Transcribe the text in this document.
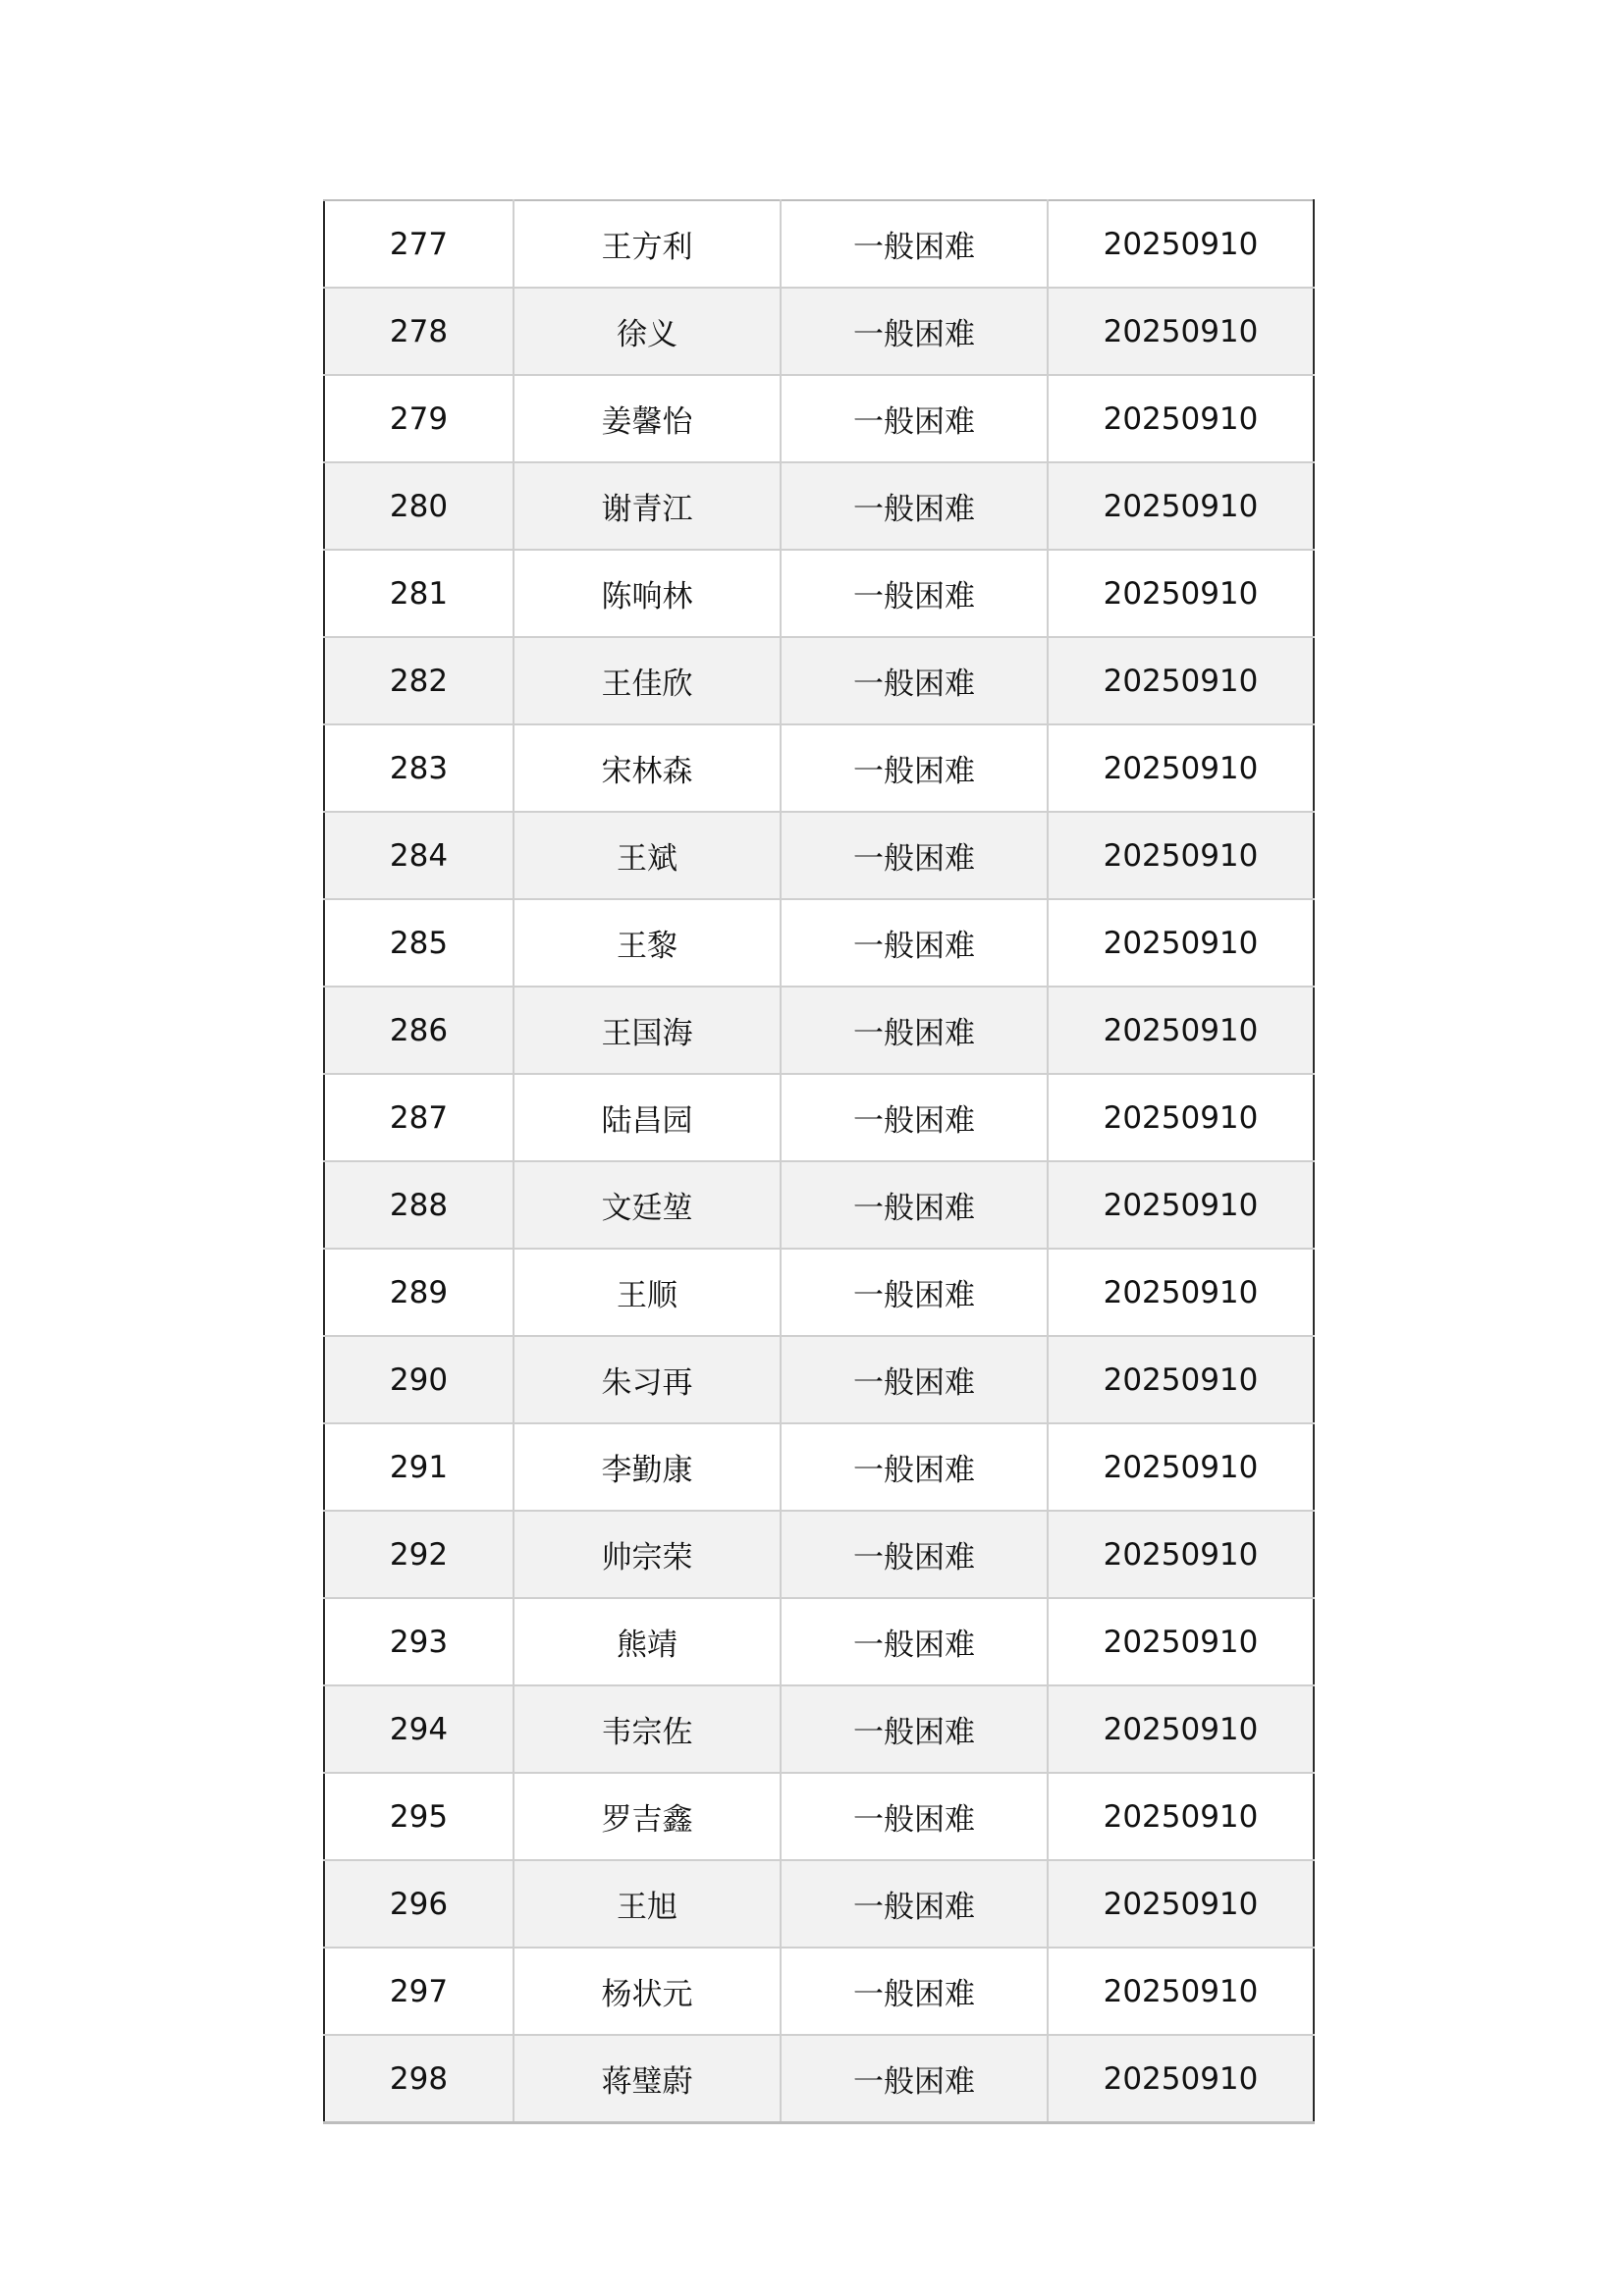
277	王方利	一般困难	20250910
278	徐义	一般困难	20250910
279	姜馨怡	一般困难	20250910
280	谢青江	一般困难	20250910
281	陈响林	一般困难	20250910
282	王佳欣	一般困难	20250910
283	宋林森	一般困难	20250910
284	王斌	一般困难	20250910
285	王黎	一般困难	20250910
286	王国海	一般困难	20250910
287	陆昌园	一般困难	20250910
288	文廷堃	一般困难	20250910
289	王顺	一般困难	20250910
290	朱习再	一般困难	20250910
291	李勤康	一般困难	20250910
292	帅宗荣	一般困难	20250910
293	熊靖	一般困难	20250910
294	韦宗佐	一般困难	20250910
295	罗吉鑫	一般困难	20250910
296	王旭	一般困难	20250910
297	杨状元	一般困难	20250910
298	蒋璧蔚	一般困难	20250910
